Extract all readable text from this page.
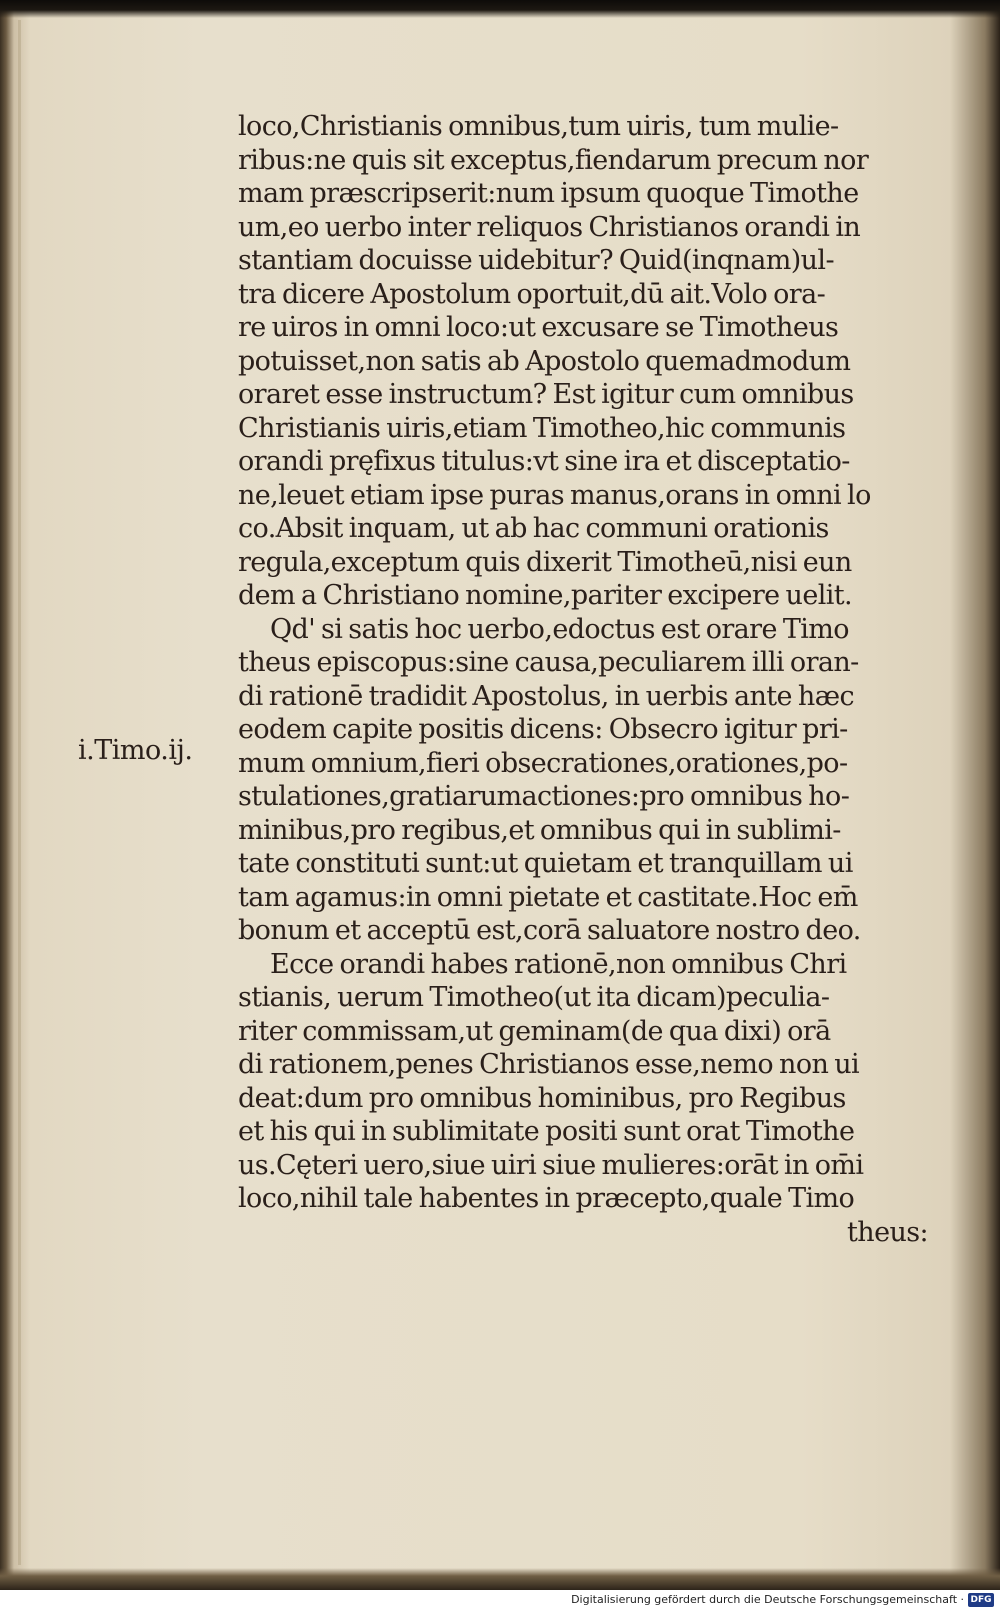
i.Timo.ij.
loco,Christianis omnibus,tum uiris, tum mulie-
ribus:ne quis sit exceptus,fiendarum precum nor
mam præscripserit:num ipsum quoque Timothe
um,eo uerbo inter reliquos Christianos orandi in
stantiam docuisse uidebitur? Quid(inqnam)ul-
tra dicere Apostolum oportuit,dū ait.Volo ora-
re uiros in omni loco:ut excusare se Timotheus
potuisset,non satis ab Apostolo quemadmodum
oraret esse instructum? Est igitur cum omnibus
Christianis uiris,etiam Timotheo,hic communis
orandi pręfixus titulus:vt sine ira et disceptatio-
ne,leuet etiam ipse puras manus,orans in omni lo
co.Absit inquam, ut ab hac communi orationis
regula,exceptum quis dixerit Timotheū,nisi eun
dem a Christiano nomine,pariter excipere uelit.
Qd' si satis hoc uerbo,edoctus est orare Timo
theus episcopus:sine causa,peculiarem illi oran-
di rationē tradidit Apostolus, in uerbis ante hæc
eodem capite positis dicens: Obsecro igitur pri-
mum omnium,fieri obsecrationes,orationes,po-
stulationes,gratiarumactiones:pro omnibus ho-
minibus,pro regibus,et omnibus qui in sublimi-
tate constituti sunt:ut quietam et tranquillam ui
tam agamus:in omni pietate et castitate.Hoc em̄
bonum et acceptū est,corā saluatore nostro deo.
Ecce orandi habes rationē,non omnibus Chri
stianis, uerum Timotheo(ut ita dicam)peculia-
riter commissam,ut geminam(de qua dixi) orā
di rationem,penes Christianos esse,nemo non ui
deat:dum pro omnibus hominibus, pro Regibus
et his qui in sublimitate positi sunt orat Timothe
us.Cęteri uero,siue uiri siue mulieres:orāt in om̄i
loco,nihil tale habentes in præcepto,quale Timo
theus:
Digitalisierung gefördert durch die Deutsche Forschungsgemeinschaft · DFG
